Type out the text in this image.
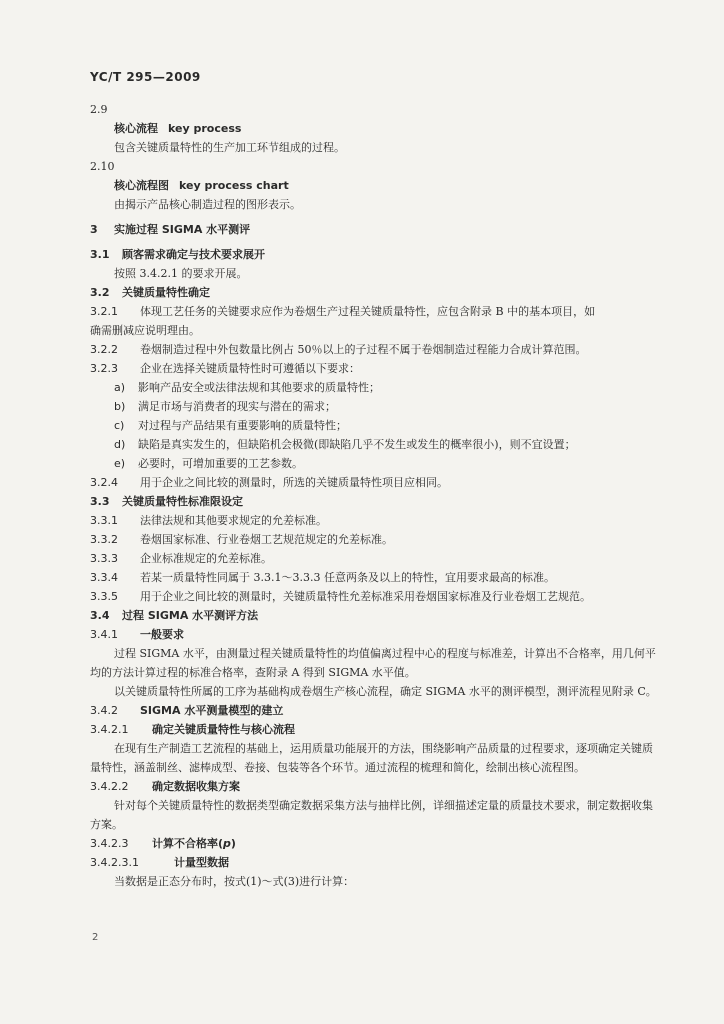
YC/T 295—2009
2.9
核心流程 key process
包含关键质量特性的生产加工环节组成的过程。
2.10
核心流程图 key process chart
由揭示产品核心制造过程的图形表示。
3 实施过程 SIGMA 水平测评
3.1 顾客需求确定与技术要求展开
按照 3.4.2.1 的要求开展。
3.2 关键质量特性确定
3.2.1 体现工艺任务的关键要求应作为卷烟生产过程关键质量特性，应包含附录 B 中的基本项目，如
确需删减应说明理由。
3.2.2 卷烟制造过程中外包数量比例占 50％以上的子过程不属于卷烟制造过程能力合成计算范围。
3.2.3 企业在选择关键质量特性时可遵循以下要求：
a) 影响产品安全或法律法规和其他要求的质量特性；
b) 满足市场与消费者的现实与潜在的需求；
c) 对过程与产品结果有重要影响的质量特性；
d) 缺陷是真实发生的，但缺陷机会极微(即缺陷几乎不发生或发生的概率很小)，则不宜设置；
e) 必要时，可增加重要的工艺参数。
3.2.4 用于企业之间比较的测量时，所选的关键质量特性项目应相同。
3.3 关键质量特性标准限设定
3.3.1 法律法规和其他要求规定的允差标准。
3.3.2 卷烟国家标准、行业卷烟工艺规范规定的允差标准。
3.3.3 企业标准规定的允差标准。
3.3.4 若某一质量特性同属于 3.3.1～3.3.3 任意两条及以上的特性，宜用要求最高的标准。
3.3.5 用于企业之间比较的测量时，关键质量特性允差标准采用卷烟国家标准及行业卷烟工艺规范。
3.4 过程 SIGMA 水平测评方法
3.4.1 一般要求
过程 SIGMA 水平，由测量过程关键质量特性的均值偏离过程中心的程度与标准差，计算出不合格率，用几何平均的方法计算过程的标准合格率，查附录 A 得到 SIGMA 水平值。
以关键质量特性所属的工序为基础构成卷烟生产核心流程，确定 SIGMA 水平的测评模型，测评流程见附录 C。
3.4.2 SIGMA 水平测量模型的建立
3.4.2.1 确定关键质量特性与核心流程
在现有生产制造工艺流程的基础上，运用质量功能展开的方法，围绕影响产品质量的过程要求，逐项确定关键质量特性，涵盖制丝、滤棒成型、卷接、包装等各个环节。通过流程的梳理和简化，绘制出核心流程图。
3.4.2.2 确定数据收集方案
针对每个关键质量特性的数据类型确定数据采集方法与抽样比例，详细描述定量的质量技术要求，制定数据收集方案。
3.4.2.3 计算不合格率(p)
3.4.2.3.1	计量型数据
当数据是正态分布时，按式(1)～式(3)进行计算：
2
